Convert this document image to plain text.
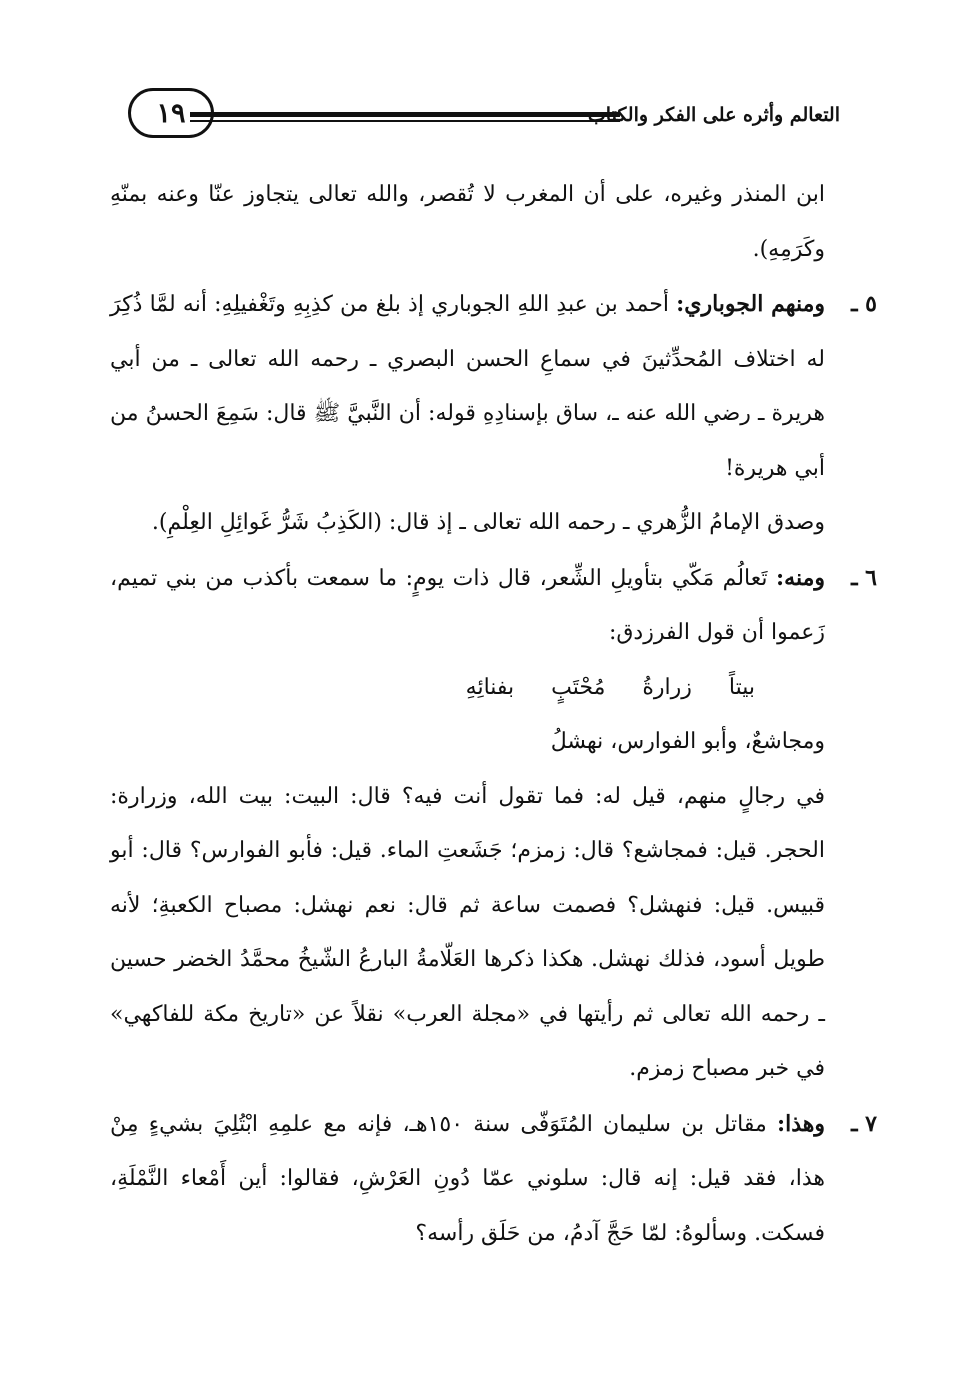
١٩	التعالم وأثره على الفكر والكتاب

ابن المنذر وغيره، على أن المغرب لا تُقصر، والله تعالى يتجاوز عنّا وعنه بمنّهِ وكَرَمِهِ).

٥ ـ
ومنهم الجوباري: أحمد بن عبدِ اللهِ الجوباري إذ بلغ من كذِبِهِ وتَغْفيلِهِ: أنه لمَّا ذُكِرَ له اختلاف المُحدِّثينَ في سماعِ الحسن البصري ـ رحمه الله تعالى ـ من أبي هريرة ـ رضي الله عنه ـ، ساق بإسنادِهِ قوله: أن النَّبيَّ ﷺ قال: سَمِعَ الحسنُ من أبي هريرة!

وصدق الإمامُ الزُّهري ـ رحمه الله تعالى ـ إذ قال: (الكَذِبُ شَرُّ غَوائِلِ العِلْمِ).

٦ ـ
ومنه: تَعالُم مَكّي بتأويلِ الشِّعر، قال ذات يومٍ: ما سمعت بأكذب من بني تميم، زَعموا أن قول الفرزدق:

بيتاً زرارةُ مُحْتَبٍ بفنائِهِ

ومجاشعٌ، وأبو الفوارس، نهشلُ

في رجالٍ منهم، قيل له: فما تقول أنت فيه؟ قال: البيت: بيت الله، وزرارة: الحجر. قيل: فمجاشع؟ قال: زمزم؛ جَشَعتِ الماء. قيل: فأبو الفوارس؟ قال: أبو قبيس. قيل: فنهشل؟ فصمت ساعة ثم قال: نعم نهشل: مصباح الكعبةِ؛ لأنه طويل أسود، فذلك نهشل. هكذا ذكرها العَلّامةُ البارعُ الشّيخُ محمَّدُ الخضر حسين ـ رحمه الله تعالى ثم رأيتها في «مجلة العرب» نقلاً عن «تاريخ مكة للفاكهي» في خبر مصباح زمزم.

٧ ـ
وهذا: مقاتل بن سليمان المُتَوَفّى سنة ١٥٠هـ، فإنه مع علمِهِ ابْتُلِيَ بشيءٍ مِنْ هذا، فقد قيل: إنه قال: سلوني عمّا دُونِ العَرْشِ، فقالوا: أين أَمْعاء النَّمْلَةِ، فسكت. وسألوهُ: لمّا حَجَّ آدمُ، من حَلَق رأسه؟
